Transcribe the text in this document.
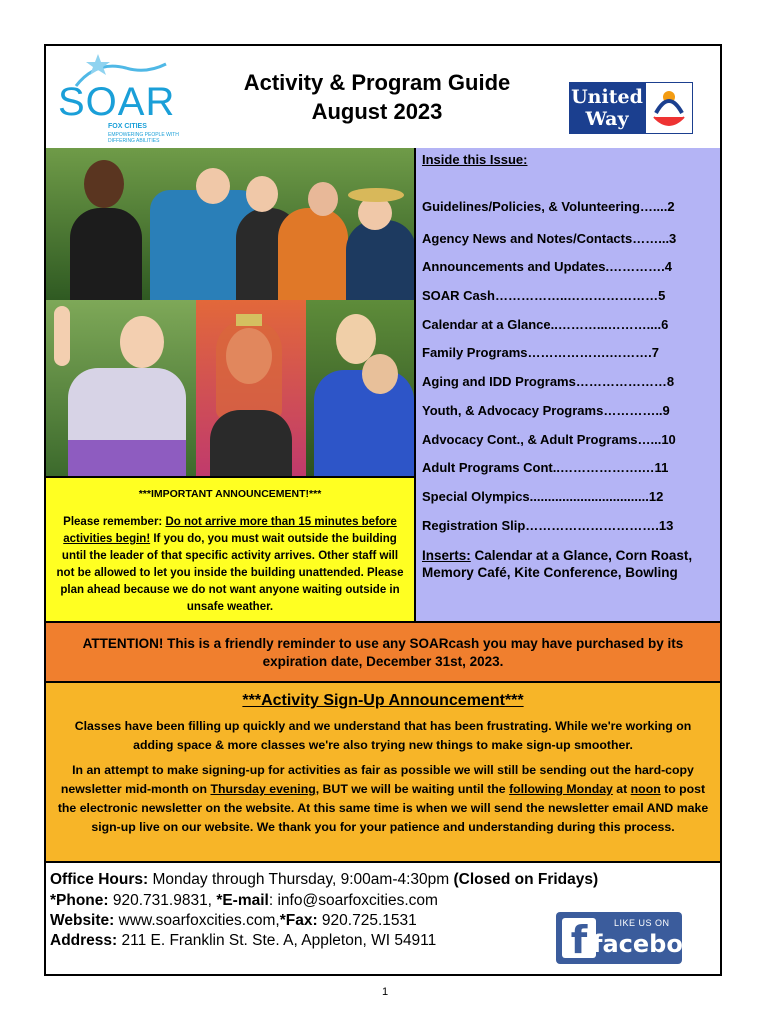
SOAR
FOX CITIES
EMPOWERING PEOPLE WITH DIFFERING ABILITIES
Activity & Program Guide
August 2023
United
Way
Inside this Issue:
Guidelines/Policies, & Volunteering…....2
Agency News and Notes/Contacts……...3
Announcements and Updates.………….4
SOAR Cash……………..…………………5
Calendar at a Glance..………...………....6
Family Programs……………….……….7
Aging and IDD Programs…………………8
Youth, & Advocacy Programs…………..9
Advocacy Cont., & Adult Programs…...10
Adult Programs Cont..……………….…11
Special Olympics.................................12
Registration Slip………………………….13
Inserts: Calendar at a Glance, Corn Roast, Memory Café, Kite Conference, Bowling
***IMPORTANT ANNOUNCEMENT!***
Please remember: Do not arrive more than 15 minutes before activities begin! If you do, you must wait outside the building until the leader of that specific activity arrives. Other staff will not be allowed to let you inside the building unattended. Please plan ahead because we do not want anyone waiting outside in unsafe weather.
ATTENTION! This is a friendly reminder to use any SOARcash you may have purchased by its expiration date, December 31st, 2023.
***Activity Sign-Up Announcement***
Classes have been filling up quickly and we understand that has been frustrating. While we're working on adding space & more classes we're also trying new things to make sign-up smoother.
In an attempt to make signing-up for activities as fair as possible we will still be sending out the hard-copy newsletter mid-month on Thursday evening, BUT we will be waiting until the following Monday at noon to post the electronic newsletter on the website. At this same time is when we will send the newsletter email AND make sign-up live on our website. We thank you for your patience and understanding during this process.
Office Hours: Monday through Thursday, 9:00am-4:30pm (Closed on Fridays)
*Phone: 920.731.9831, *E-mail: info@soarfoxcities.com
Website: www.soarfoxcities.com,*Fax: 920.725.1531
Address: 211 E. Franklin St. Ste. A, Appleton, WI 54911	f	LIKE US ON
facebook
1
